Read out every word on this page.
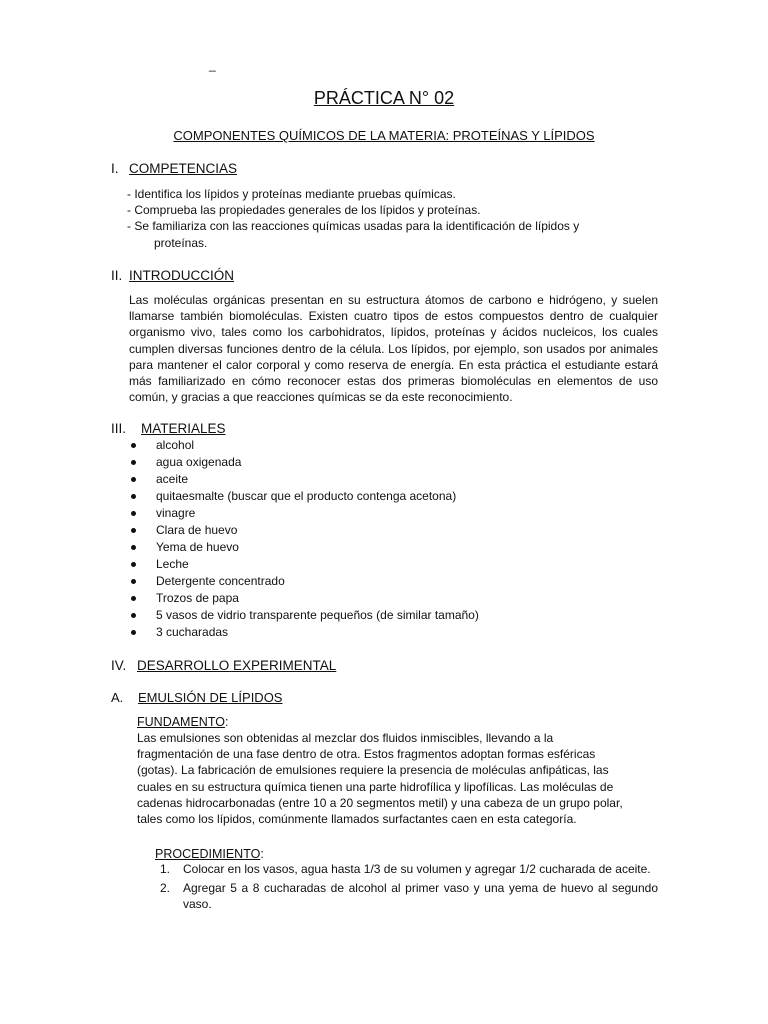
_
PRÁCTICA N° 02
COMPONENTES QUÍMICOS DE LA MATERIA: PROTEÍNAS Y LÍPIDOS
I. COMPETENCIAS
- Identifica los lípidos y proteínas mediante pruebas químicas.
- Comprueba las propiedades generales de los lípidos y proteínas.
- Se familiariza con las reacciones químicas usadas para la identificación de lípidos y
proteínas.
II. INTRODUCCIÓN
Las moléculas orgánicas presentan en su estructura átomos de carbono e hidrógeno, y suelen llamarse también biomoléculas. Existen cuatro tipos de estos compuestos dentro de cualquier organismo vivo, tales como los carbohidratos, lípidos, proteínas y ácidos nucleicos, los cuales cumplen diversas funciones dentro de la célula. Los lípidos, por ejemplo, son usados por animales para mantener el calor corporal y como reserva de energía. En esta práctica el estudiante estará más familiarizado en cómo reconocer estas dos primeras biomoléculas en elementos de uso común, y gracias a que reacciones químicas se da este reconocimiento.
III. MATERIALES
alcohol
agua oxigenada
aceite
quitaesmalte (buscar que el producto contenga acetona)
vinagre
Clara de huevo
Yema de huevo
Leche
Detergente concentrado
Trozos de papa
5 vasos de vidrio transparente pequeños (de similar tamaño)
3 cucharadas
IV. DESARROLLO EXPERIMENTAL
A. EMULSIÓN DE LÍPIDOS
FUNDAMENTO:
Las emulsiones son obtenidas al mezclar dos fluidos inmiscibles, llevando a la
fragmentación de una fase dentro de otra. Estos fragmentos adoptan formas esféricas
(gotas). La fabricación de emulsiones requiere la presencia de moléculas anfipáticas, las
cuales en su estructura química tienen una parte hidrofílica y lipofílicas. Las moléculas de
cadenas hidrocarbonadas (entre 10 a 20 segmentos metil) y una cabeza de un grupo polar,
tales como los lípidos, comúnmente llamados surfactantes caen en esta categoría.
PROCEDIMIENTO:
1. Colocar en los vasos, agua hasta 1/3 de su volumen y agregar 1/2 cucharada de aceite.
2. Agregar 5 a 8 cucharadas de alcohol al primer vaso y una yema de huevo al segundo vaso.
